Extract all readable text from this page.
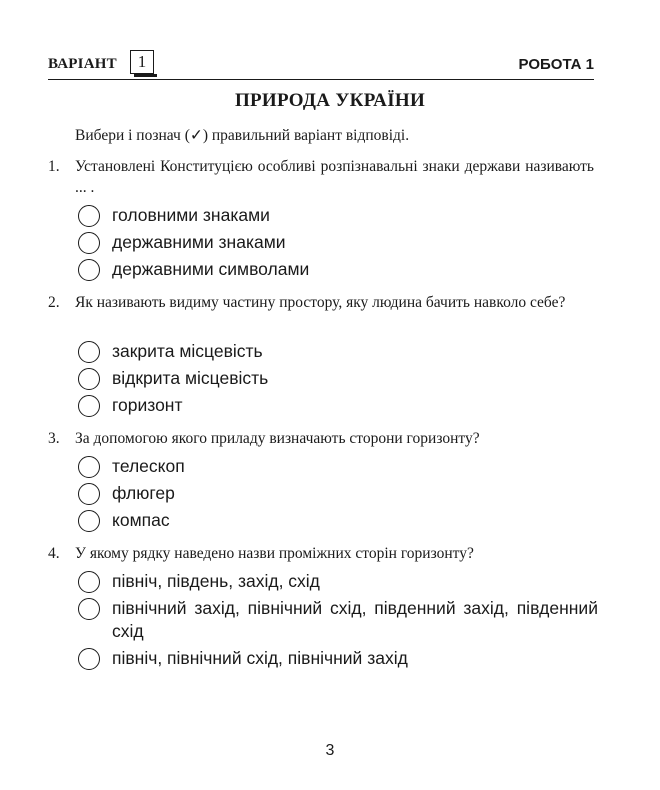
ВАРІАНТ	1	РОБОТА 1
ПРИРОДА УКРАЇНИ
Вибери і познач (✓) правильний варіант відповіді.
1. Установлені Конституцією особливі розпізнавальні знаки держави називають ... .
головними знаками
державними знаками
державними символами
2. Як називають видиму частину простору, яку людина бачить навколо себе?
закрита місцевість
відкрита місцевість
горизонт
3. За допомогою якого приладу визначають сторони горизонту?
телескоп
флюгер
компас
4. У якому рядку наведено назви проміжних сторін горизонту?
північ, південь, захід, схід
північний захід, північний схід, південний захід, південний схід
північ, північний схід, північний захід
3
